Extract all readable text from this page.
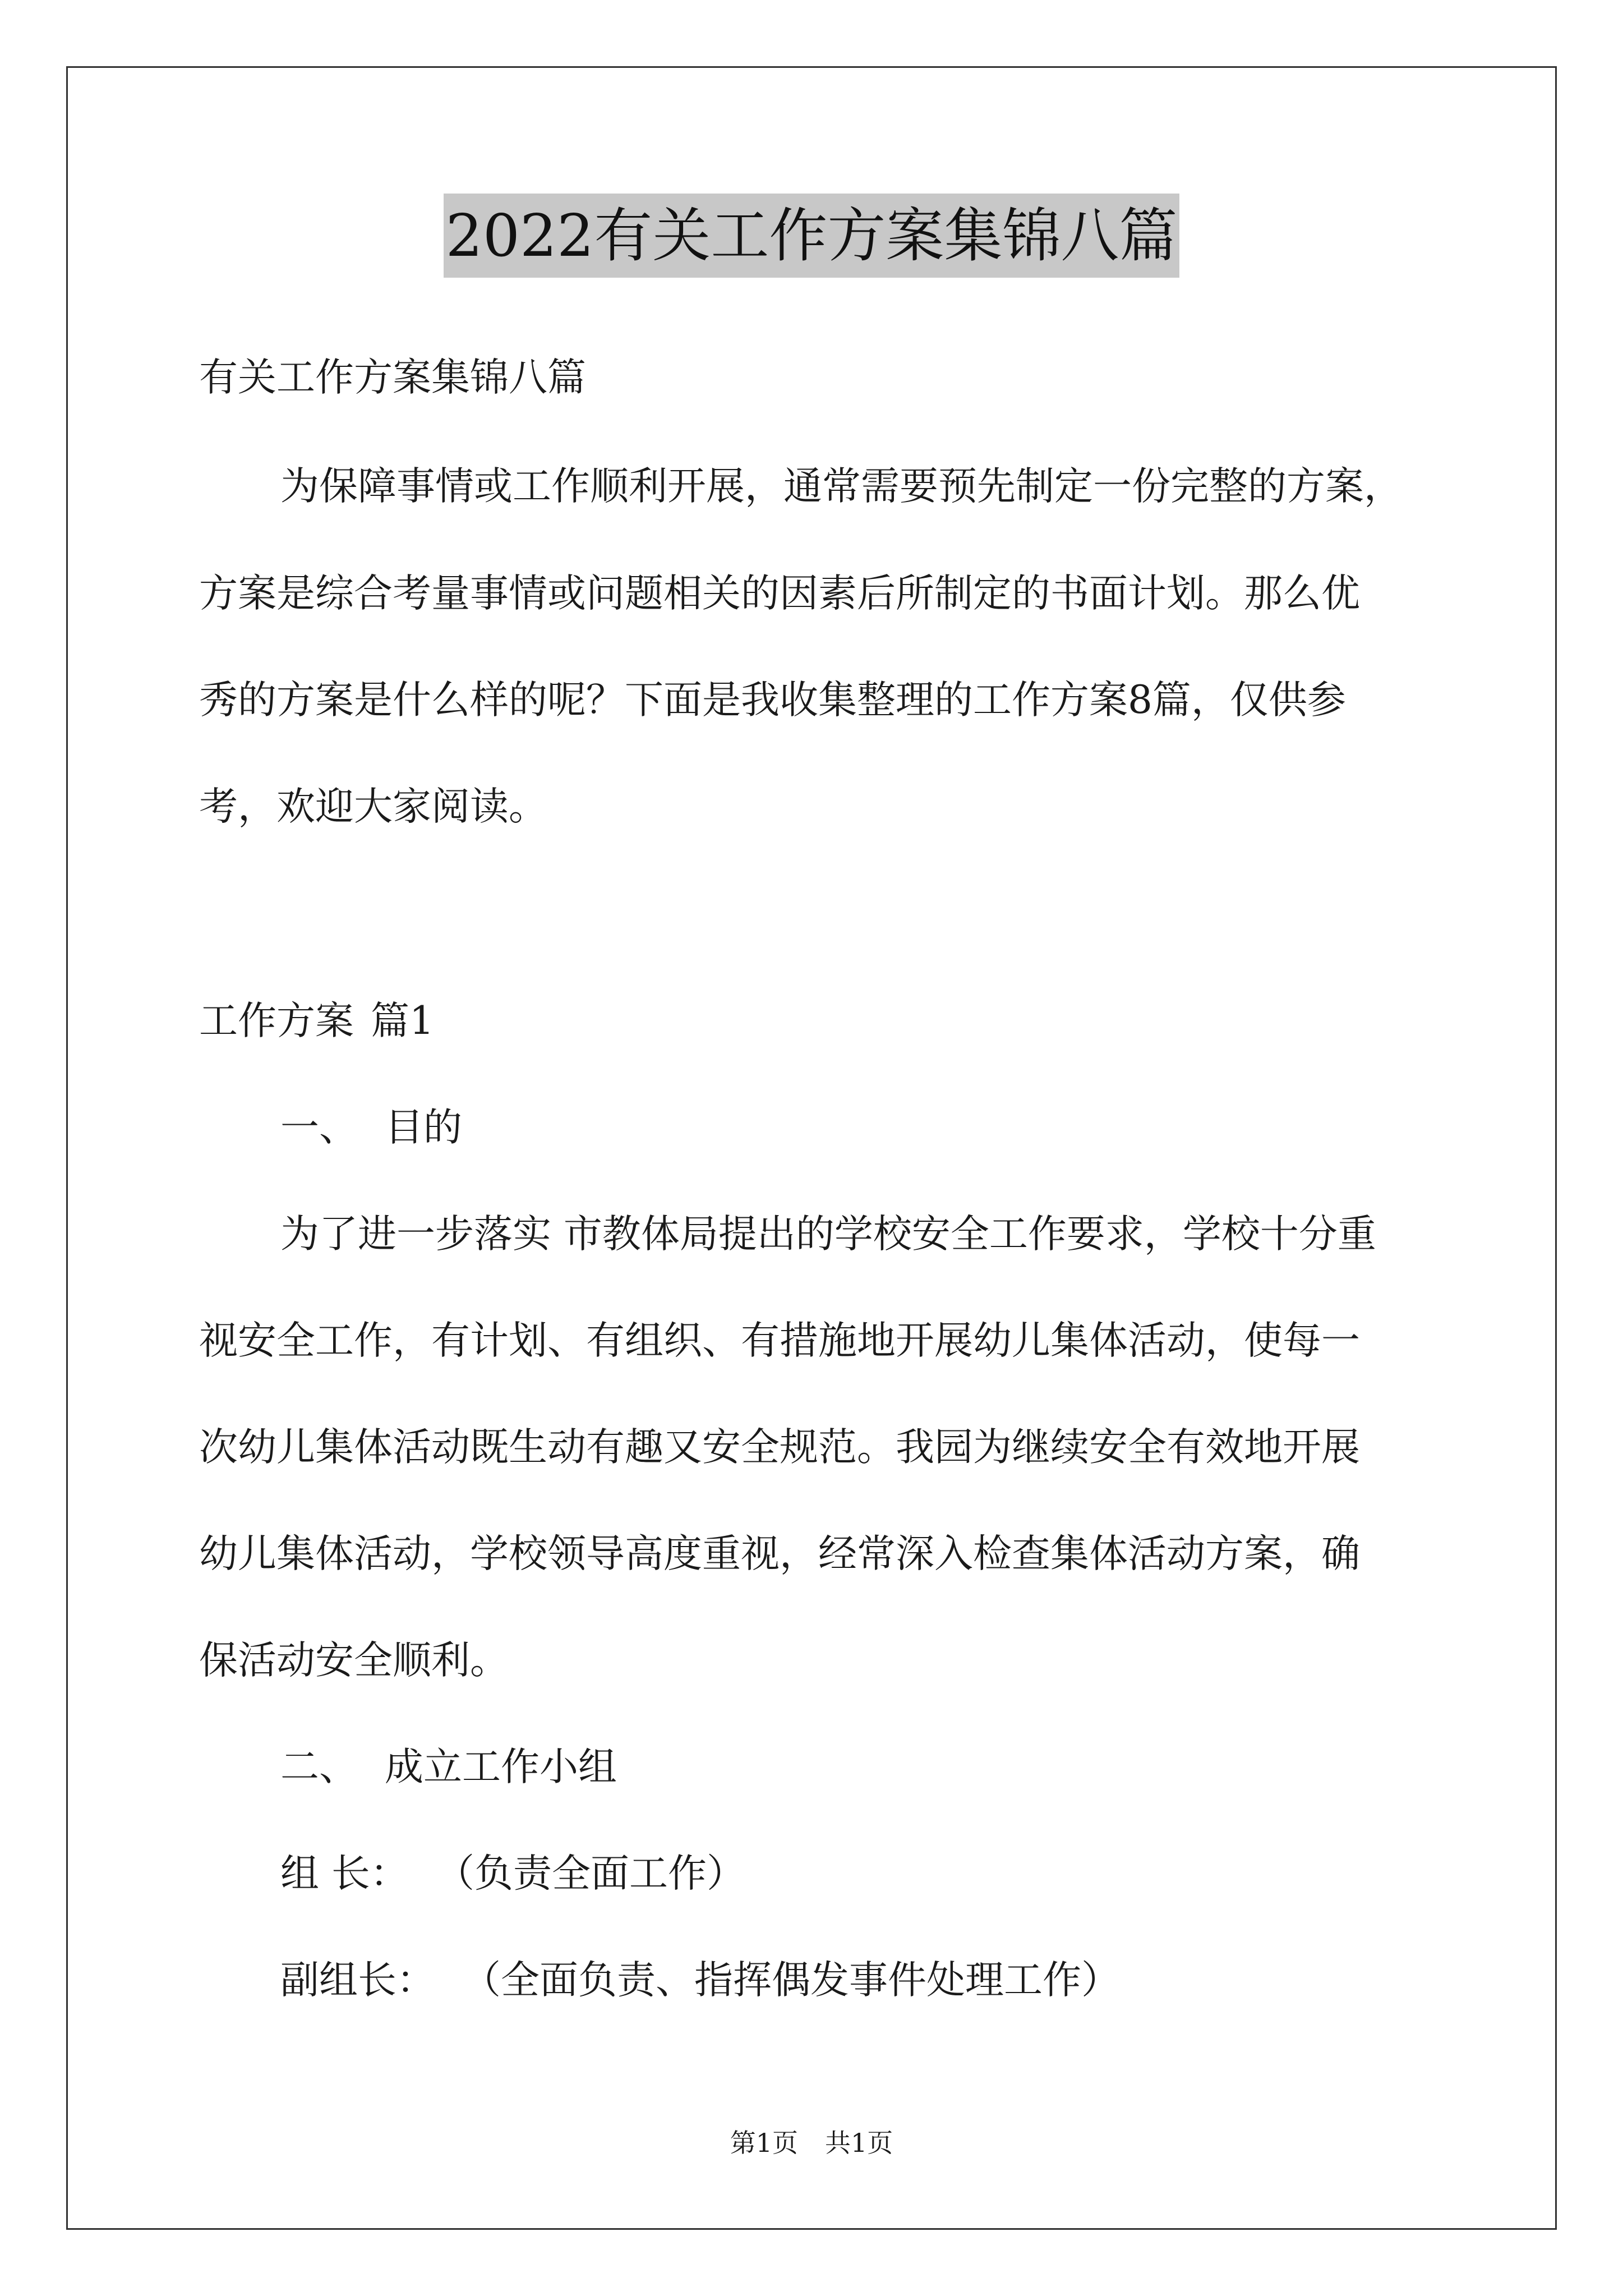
2022有关工作方案集锦八篇
有关工作方案集锦八篇
为保障事情或工作顺利开展，通常需要预先制定一份完整的方案，
方案是综合考量事情或问题相关的因素后所制定的书面计划。那么优
秀的方案是什么样的呢？下面是我收集整理的工作方案8篇，仅供参
考，欢迎大家阅读。
工作方案 篇1
一、 目的
为了进一步落实 市教体局提出的学校安全工作要求，学校十分重
视安全工作，有计划、有组织、有措施地开展幼儿集体活动，使每一
次幼儿集体活动既生动有趣又安全规范。我园为继续安全有效地开展
幼儿集体活动，学校领导高度重视，经常深入检查集体活动方案，确
保活动安全顺利。
二、 成立工作小组
组 长： （负责全面工作）
副组长： （全面负责、指挥偶发事件处理工作）
第1页 共1页
